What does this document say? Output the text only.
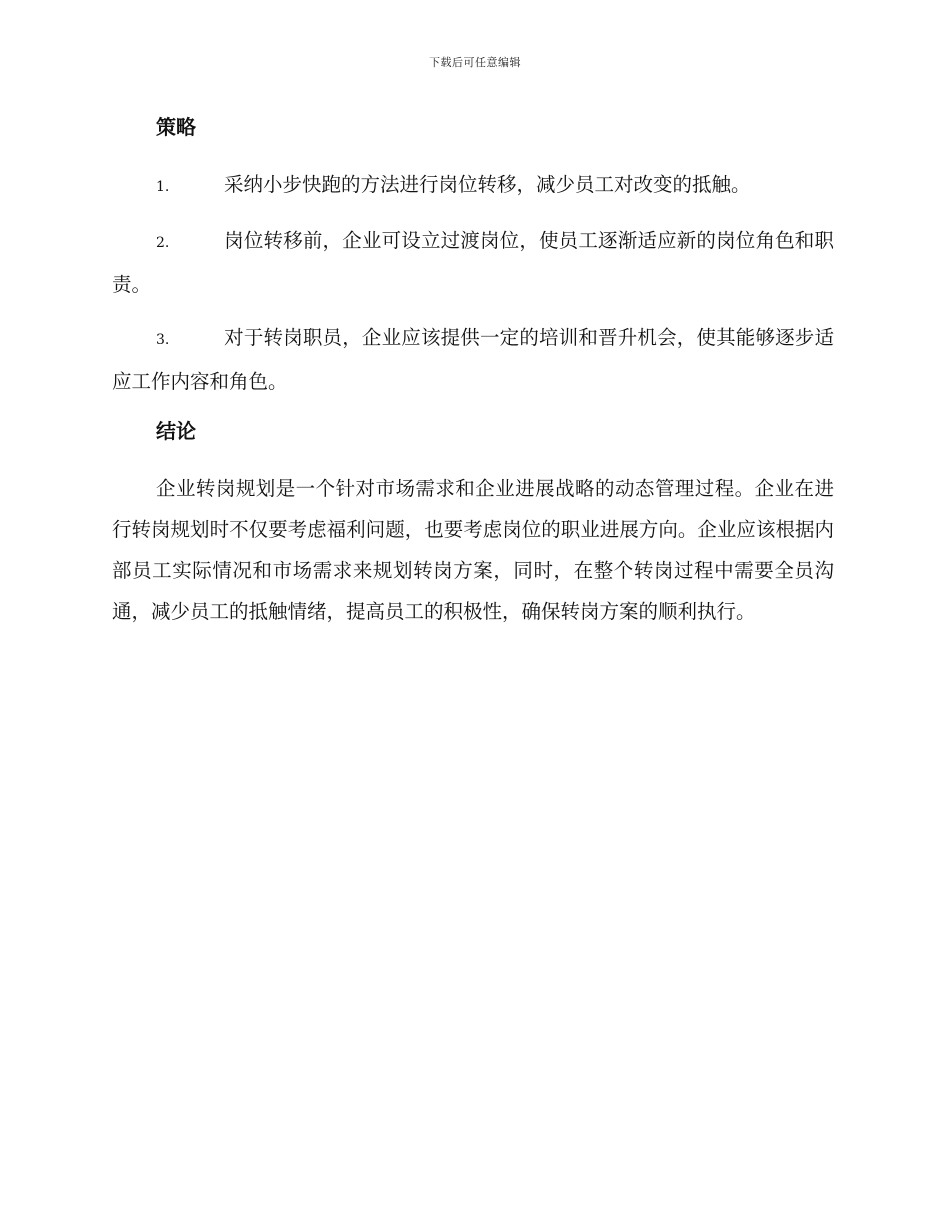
下载后可任意编辑
策略
1.	采纳小步快跑的方法进行岗位转移，减少员工对改变的抵触。
2.	岗位转移前，企业可设立过渡岗位，使员工逐渐适应新的岗位角色和职责。
3.	对于转岗职员，企业应该提供一定的培训和晋升机会，使其能够逐步适应工作内容和角色。
结论

企业转岗规划是一个针对市场需求和企业进展战略的动态管理过程。企业在进行转岗规划时不仅要考虑福利问题，也要考虑岗位的职业进展方向。企业应该根据内部员工实际情况和市场需求来规划转岗方案，同时，在整个转岗过程中需要全员沟通，减少员工的抵触情绪，提高员工的积极性，确保转岗方案的顺利执行。
